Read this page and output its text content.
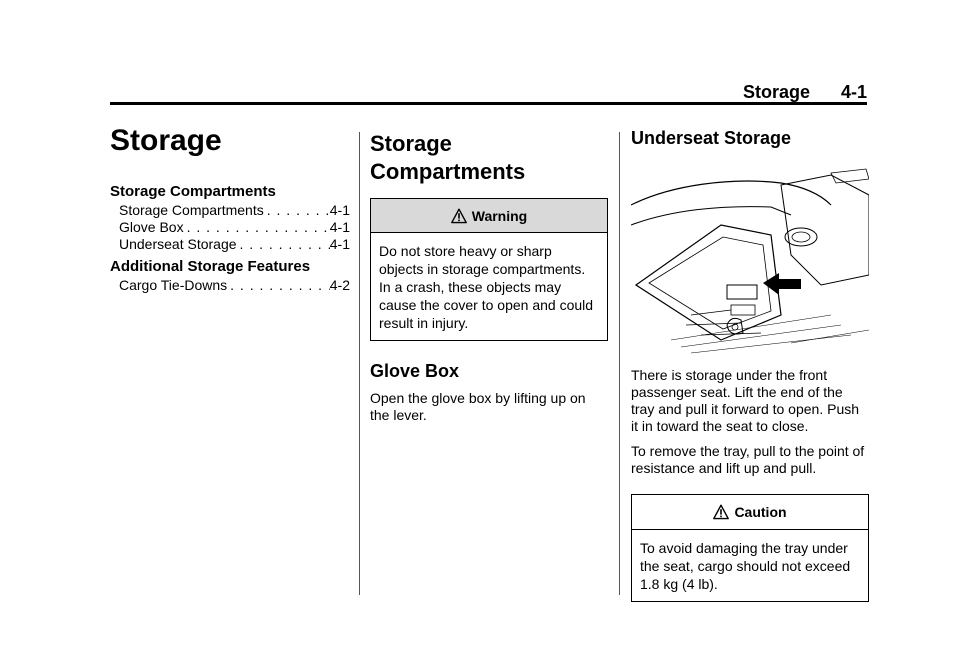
Storage	4-1
Storage
Storage Compartments
Storage Compartments . . .	4-1
Glove Box . . .	4-1
Underseat Storage . . .	4-1
Additional Storage Features
Cargo Tie-Downs . . .	4-2
Storage
Compartments
Warning
Do not store heavy or sharp objects in storage compartments. In a crash, these objects may cause the cover to open and could result in injury.
Glove Box

Open the glove box by lifting up on the lever.

Underseat Storage

There is storage under the front passenger seat. Lift the end of the tray and pull it forward to open. Push it in toward the seat to close.

To remove the tray, pull to the point of resistance and lift up and pull.

Caution
To avoid damaging the tray under the seat, cargo should not exceed 1.8 kg (4 lb).
